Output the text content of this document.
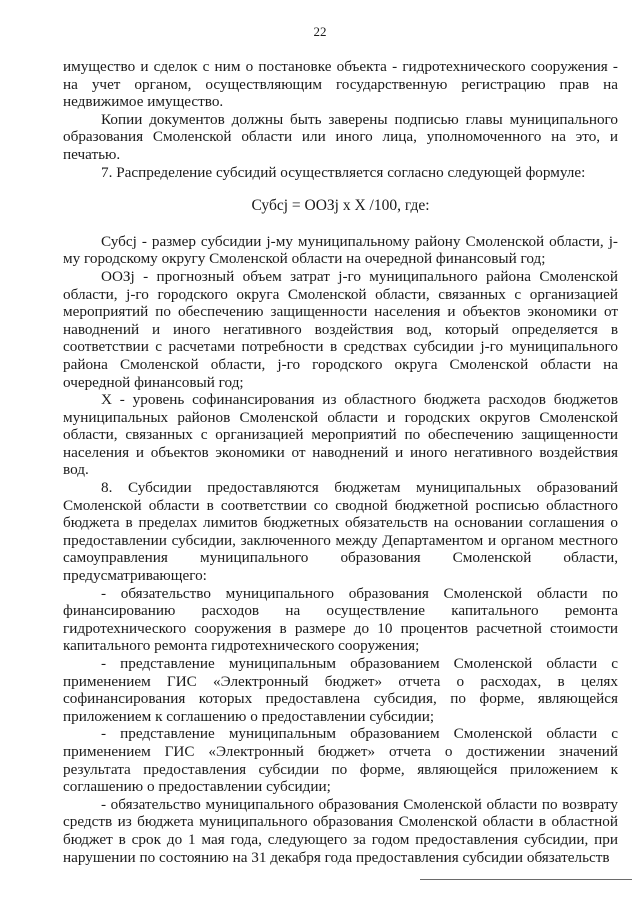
22

имущество и сделок с ним о постановке объекта - гидротехнического сооружения - на учет органом, осуществляющим государственную регистрацию прав на недвижимое имущество.

Копии документов должны быть заверены подписью главы муниципального образования Смоленской области или иного лица, уполномоченного на это, и печатью.

7. Распределение субсидий осуществляется согласно следующей формуле:

Субсj = ООЗj х Х /100, где:

Субсj - размер субсидии j-му муниципальному району Смоленской области, j-му городскому округу Смоленской области на очередной финансовый год;

ООЗj - прогнозный объем затрат j-го муниципального района Смоленской области, j-го городского округа Смоленской области, связанных с организацией мероприятий по обеспечению защищенности населения и объектов экономики от наводнений и иного негативного воздействия вод, который определяется в соответствии с расчетами потребности в средствах субсидии j-го муниципального района Смоленской области, j-го городского округа Смоленской области на очередной финансовый год;

Х - уровень софинансирования из областного бюджета расходов бюджетов муниципальных районов Смоленской области и городских округов Смоленской области, связанных с организацией мероприятий по обеспечению защищенности населения и объектов экономики от наводнений и иного негативного воздействия вод.

8. Субсидии предоставляются бюджетам муниципальных образований Смоленской области в соответствии со сводной бюджетной росписью областного бюджета в пределах лимитов бюджетных обязательств на основании соглашения о предоставлении субсидии, заключенного между Департаментом и органом местного самоуправления муниципального образования Смоленской области, предусматривающего:

- обязательство муниципального образования Смоленской области по финансированию расходов на осуществление капитального ремонта гидротехнического сооружения в размере до 10 процентов расчетной стоимости капитального ремонта гидротехнического сооружения;

- представление муниципальным образованием Смоленской области с применением ГИС «Электронный бюджет» отчета о расходах, в целях софинансирования которых предоставлена субсидия, по форме, являющейся приложением к соглашению о предоставлении субсидии;

- представление муниципальным образованием Смоленской области с применением ГИС «Электронный бюджет» отчета о достижении значений результата предоставления субсидии по форме, являющейся приложением к соглашению о предоставлении субсидии;

- обязательство муниципального образования Смоленской области по возврату средств из бюджета муниципального образования Смоленской области в областной бюджет в срок до 1 мая года, следующего за годом предоставления субсидии, при нарушении по состоянию на 31 декабря года предоставления субсидии обязательств
